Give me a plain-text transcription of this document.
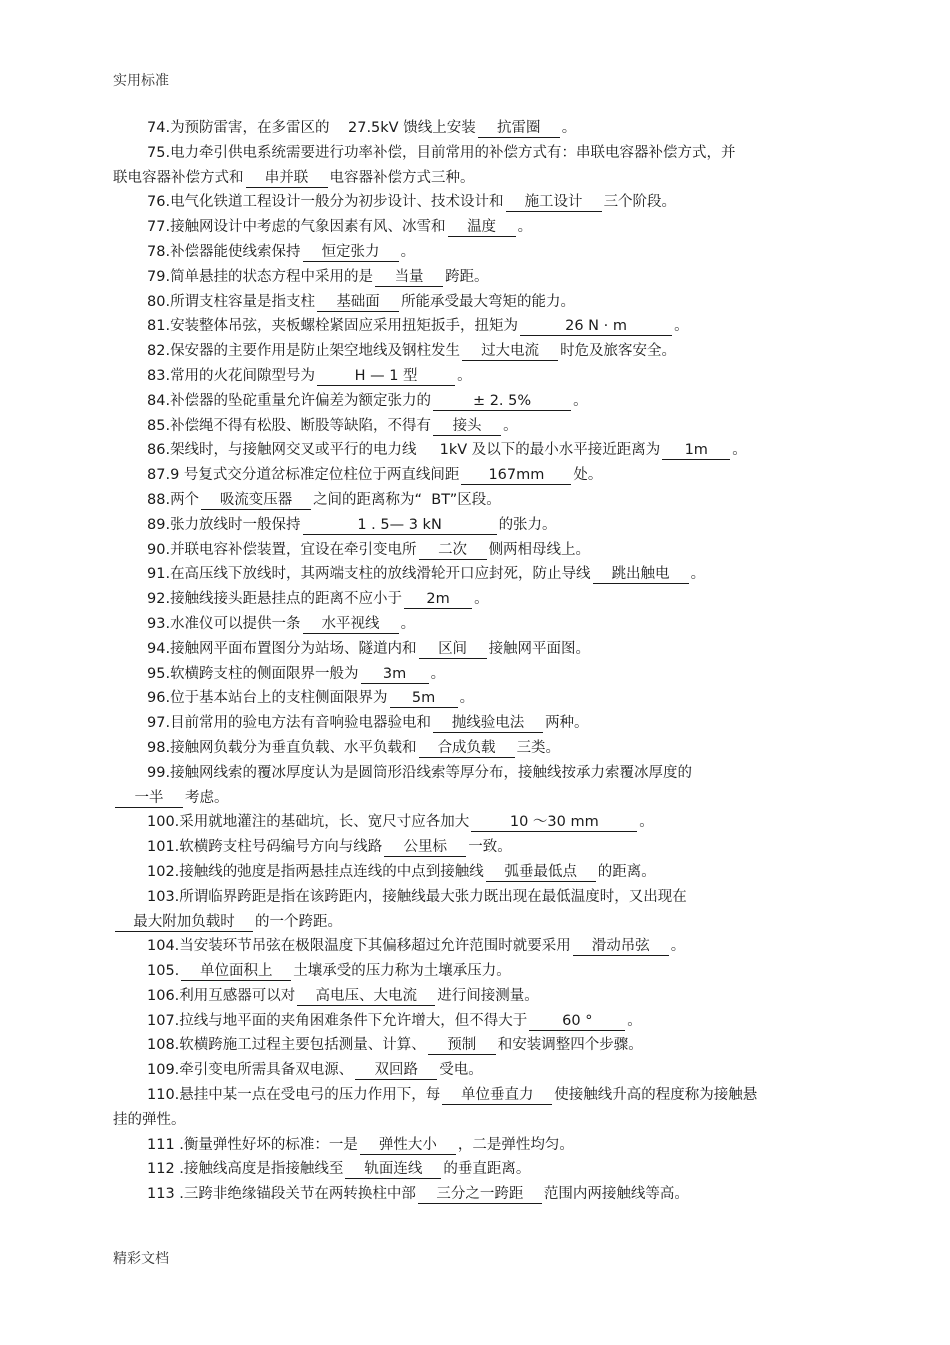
实用标准
74.为预防雷害，在多雷区的    27.5kV 馈线上安装 抗雷圈 。
75.电力牵引供电系统需要进行功率补偿，目前常用的补偿方式有：串联电容器补偿方式，并
联电容器补偿方式和 串并联 电容器补偿方式三种。
76.电气化铁道工程设计一般分为初步设计、技术设计和 施工设计 三个阶段。
77.接触网设计中考虑的气象因素有风、冰雪和 温度 。
78.补偿器能使线索保持 恒定张力 。
79.简单悬挂的状态方程中采用的是 当量 跨距。
80.所谓支柱容量是指支柱 基础面 所能承受最大弯矩的能力。
81.安装整体吊弦，夹板螺栓紧固应采用扭矩扳手，扭矩为	26 N · m	。
82.保安器的主要作用是防止架空地线及钢柱发生 过大电流 时危及旅客安全。
83.常用的火花间隙型号为	H — 1 型	。
84.补偿器的坠砣重量允许偏差为额定张力的	± 2. 5%	。
85.补偿绳不得有松股、断股等缺陷，不得有 接头 。
86.架线时，与接触网交叉或平行的电力线     1kV 及以下的最小水平接近距离为 1m 。
87.9 号复式交分道岔标准定位柱位于两直线间距 167mm 处。
88.两个 吸流变压器 之间的距离称为“  BT”区段。
89.张力放线时一般保持	1 . 5— 3 kN	的张力。
90.并联电容补偿装置，宜设在牵引变电所 二次 侧两相母线上。
91.在高压线下放线时，其两端支柱的放线滑轮开口应封死，防止导线 跳出触电 。
92.接触线接头距悬挂点的距离不应小于 2m 。
93.水准仪可以提供一条 水平视线 。
94.接触网平面布置图分为站场、隧道内和 区间 接触网平面图。
95.软横跨支柱的侧面限界一般为 3m 。
96.位于基本站台上的支柱侧面限界为 5m 。
97.目前常用的验电方法有音响验电器验电和 抛线验电法 两种。
98.接触网负载分为垂直负载、水平负载和 合成负载 三类。
99.接触网线索的覆冰厚度认为是圆筒形沿线索等厚分布，接触线按承力索覆冰厚度的
一半 考虑。
100.采用就地灌注的基础坑，长、宽尺寸应各加大	10 ～30 mm	。
101.软横跨支柱号码编号方向与线路 公里标 一致。
102.接触线的弛度是指两悬挂点连线的中点到接触线 弧垂最低点 的距离。
103.所谓临界跨距是指在该跨距内，接触线最大张力既出现在最低温度时，又出现在
最大附加负载时 的一个跨距。
104.当安装环节吊弦在极限温度下其偏移超过允许范围时就要采用 滑动吊弦 。
105.单位面积上 土壤承受的压力称为土壤承压力。
106.利用互感器可以对 高电压、大电流 进行间接测量。
107.拉线与地平面的夹角困难条件下允许增大，但不得大于 60 ° 。
108.软横跨施工过程主要包括测量、计算、 预制 和安装调整四个步骤。
109.牵引变电所需具备双电源、 双回路 受电。
110.悬挂中某一点在受电弓的压力作用下，每 单位垂直力 使接触线升高的程度称为接触悬
挂的弹性。
111 .衡量弹性好坏的标准：一是 弹性大小 ，二是弹性均匀。
112 .接触线高度是指接触线至 轨面连线 的垂直距离。
113 .三跨非绝缘锚段关节在两转换柱中部 三分之一跨距 范围内两接触线等高。
精彩文档
